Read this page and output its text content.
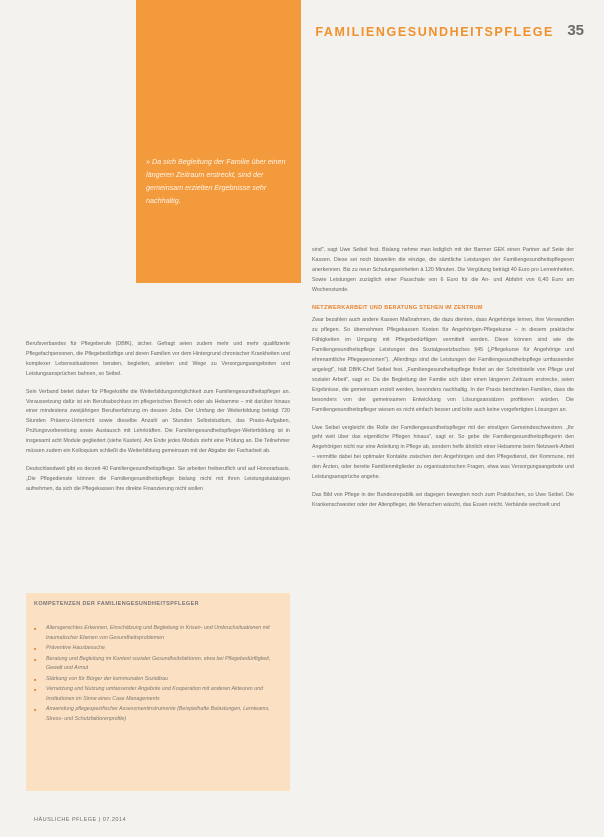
FAMILIENGESUNDHEITSPFLEGE 35

» Da sich Begleitung der Familie über einen längeren Zeitraum erstreckt, sind der gemeinsam erzielten Ergebnisse sehr nachhaltig.

Berufsverbandes für Pflegeberufe (DBfK), sicher. Gefragt seien zudem mehr und mehr qualifizierte Pflegefachpersonen, die Pflegebedürftige und deren Familien vor dem Hintergrund chronischer Krankheiten und komplexer Lebenssituationen beraten, begleiten, anleiten und Wege zu Versorgungsangeboten und Leistungsansprüchen bahnen, so Seibel.

Sein Verband bietet daher für Pflegekräfte die Weiterbildungsmöglichkeit zum Familiengesundheitspfleger an. Voraussetzung dafür ist ein Berufsabschluss im pflegerischen Bereich oder als Hebamme – mit darüber hinaus einer mindestens zweijährigen Berufserfahrung im dessen Jobs. Der Umfang der Weiterbildung beträgt 720 Stunden Präsenz-Unterricht sowie dieselbe Anzahl an Stunden Selbststudium, das Praxis-Aufgaben, Prüfungsvorbereitung sowie Austausch mit Lehrkräften. Die Familiengesundheitspfleger-Weiterbildung ist in insgesamt acht Module gegliedert (siehe Kasten). Am Ende jedes Moduls steht eine Prüfung an. Die Teilnehmer müssen zudem ein Kolloquium schließt die Weiterbildung gemeinsam mit der Abgabe der Facharbeit ab.

Deutschlandweit gibt es derzeit 40 Familiengesundheitspfleger. Sie arbeiten freiberuflich und auf Honorarbasis. „Die Pflegedienste können die Familiengesundheitspflege bislang nicht mit ihren Leistungskatalogen aufnehmen, da sich die Pflegekassen ihre direkte Finanzierung nicht wollen

sind", sagt Uwe Seibel fest. Bislang nehme man lediglich mit der Barmer GEK einen Partner auf Seite der Kassen. Diese sei noch bisweilen die einzige, die sämtliche Leistungen der Familiengesundheitspflegeren anerkennen. Bis zu neun Schulungseinheiten à 120 Minuten. Die Vergütung beträgt 40 Euro pro Lerneinheiten. Sowie Leistungen zuzüglich einer Pauschale von 6 Euro für die An- und Abfahrt von 6,40 Euro am Wochenstunde.

NETZWERKARBEIT UND BERATUNG STEHEN IM ZENTRUM

Zwar bezahlen auch andere Kassen Maßnahmen, die dazu dienten, dass Angehörige lernen, ihre Verwandten zu pflegen. So übernehmen Pflegekassen Kosten für Angehörigen-Pflegekurse – in diesem praktische Fähigkeiten im Umgang mit Pflegebedürftigen vermittelt werden. Diese können sind wie die Familiengesundheitspflege Leistungen des Sozialgesetzbuches §45 („Pflegekurse für Angehörige und ehrenamtliche Pflegepersonen"). „Allerdings sind die Leistungen der Familiengesundheitspflege umfassender angelegt", hält DBfK-Chef Seibel fest. „Familiengesundheitspflege findet an der Schnittstelle von Pflege und sozialer Arbeit", sagt er. Da die Begleitung der Familie sich über einen längeren Zeitraum erstrecke, seien Ergebnisse, die gemeinsam erzielt werden, besonders nachhaltig. In der Praxis berichteten Familien, dass die besonders von der gemeinsamen Entwicklung von Lösungsansätzen profitieren würden. Die Familiengesundheitspfleger wiesen es nicht einfach besser und böte auch keine vorgefertigten Lösungen an.

Uwe Seibel vergleicht die Rolle der Familiengesundheitspfleger mit der einstigen Gemeindeschwestern. „Ihr geht weit über das eigentliche Pflegen hinaus", sagt er. So gebe die Familiengesundheitspflegerin den Angehörigen nicht nur eine Anleitung in Pflege ab, sondern helfe ähnlich einer Hebamme beim Netzwerk-Arbeit – vermittle dabei bei optimaler Kontakte zwischen den Angehörigen und den Pflegedienst, der Kommune, mit den Ärzten, oder bereite Familienmitglieder zu organisatorischen Fragen, etwa was Versorgungsangebote und Leistungsansprüche angehe.

Das Bild von Pflege in der Bundesrepublik sei dagegen bewegten noch zum Praktischen, so Uwe Seibel. Die Krankenschwester oder der Altenpfleger, die Menschen wäscht, das Essen reicht. Verbände wechselt und

KOMPETENZEN DER FAMILIENGESUNDHEITSPFLEGER
■ Altersgerechtes Erkennen, Einschätzung und Begleitung in Krisen- und Umbruchsituationen mit traumatischer Ebenen von Gesundheitsproblemen
■ Präventive Hausbesuche
■ Beratung und Begleitung im Kontext sozialer Gesundheitsfaktoren, etwa bei Pflegebedürftigkeit, Gewalt und Armut
■ Stärkung von für Bürger der kommunalen Sozialbau
■ Vernetzung und Nutzung umfassender Angebote und Kooperation mit anderen Akteuren und Institutionen im Sinne eines Case Managements
■ Anwendung pflegespezifischer Assessmentinstrumente (Beispielhafte Belastungen, Lernteams, Stress- und Schutzfaktorenprofile)
HÄUSLICHE PFLEGE | 07.2014
